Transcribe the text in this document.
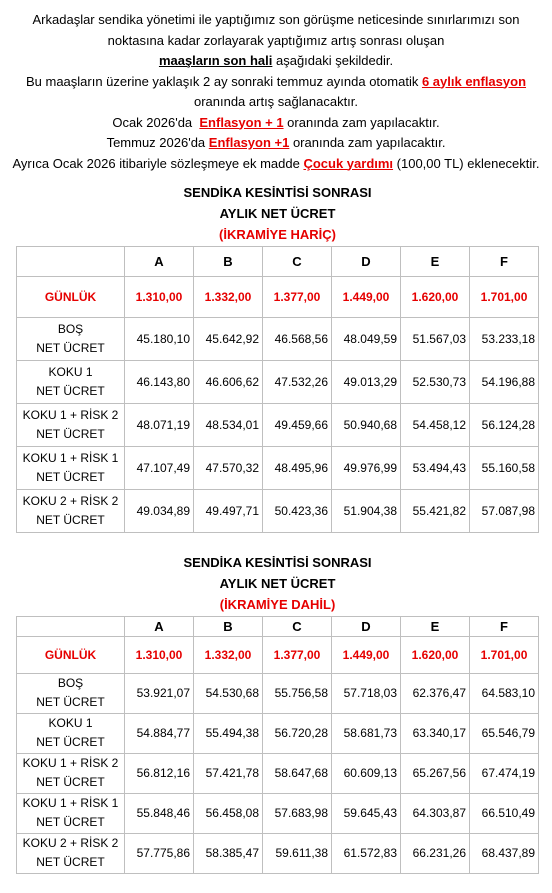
Arkadaşlar sendika yönetimi ile yaptığımız son görüşme neticesinde sınırlarımızı son
noktasına kadar zorlayarak yaptığımız artış sonrası oluşan
maaşların son hali aşağıdaki şekildedir.
Bu maaşların üzerine yaklaşık 2 ay sonraki temmuz ayında otomatik 6 aylık enflasyon
oranında artış sağlanacaktır.
Ocak 2026'da  Enflasyon + 1 oranında zam yapılacaktır.
Temmuz 2026'da Enflasyon +1 oranında zam yapılacaktır.
Ayrıca Ocak 2026 itibariyle sözleşmeye ek madde Çocuk yardımı (100,00 TL) eklenecektir.
SENDİKA KESİNTİSİ SONRASI						
AYLIK NET ÜCRET						
(İKRAMİYE HARİÇ)						
	A	B	C	D	E	F
GÜNLÜK	1.310,00	1.332,00	1.377,00	1.449,00	1.620,00	1.701,00

BOŞ
NET ÜCRET	45.180,10	45.642,92	46.568,56	48.049,59	51.567,03	53.233,18

KOKU 1
NET ÜCRET	46.143,80	46.606,62	47.532,26	49.013,29	52.530,73	54.196,88

KOKU 1 + RİSK 2
NET ÜCRET	48.071,19	48.534,01	49.459,66	50.940,68	54.458,12	56.124,28

KOKU 1 + RİSK 1
NET ÜCRET	47.107,49	47.570,32	48.495,96	49.976,99	53.494,43	55.160,58

KOKU 2 + RİSK 2
NET ÜCRET	49.034,89	49.497,71	50.423,36	51.904,38	55.421,82	57.087,98
SENDİKA KESİNTİSİ SONRASI						
AYLIK NET ÜCRET						
(İKRAMİYE DAHİL)						
	A	B	C	D	E	F
GÜNLÜK	1.310,00	1.332,00	1.377,00	1.449,00	1.620,00	1.701,00

BOŞ
NET ÜCRET	53.921,07	54.530,68	55.756,58	57.718,03	62.376,47	64.583,10

KOKU 1
NET ÜCRET	54.884,77	55.494,38	56.720,28	58.681,73	63.340,17	65.546,79

KOKU 1 + RİSK 2
NET ÜCRET	56.812,16	57.421,78	58.647,68	60.609,13	65.267,56	67.474,19

KOKU 1 + RİSK 1
NET ÜCRET	55.848,46	56.458,08	57.683,98	59.645,43	64.303,87	66.510,49

KOKU 2 + RİSK 2
NET ÜCRET	57.775,86	58.385,47	59.611,38	61.572,83	66.231,26	68.437,89
